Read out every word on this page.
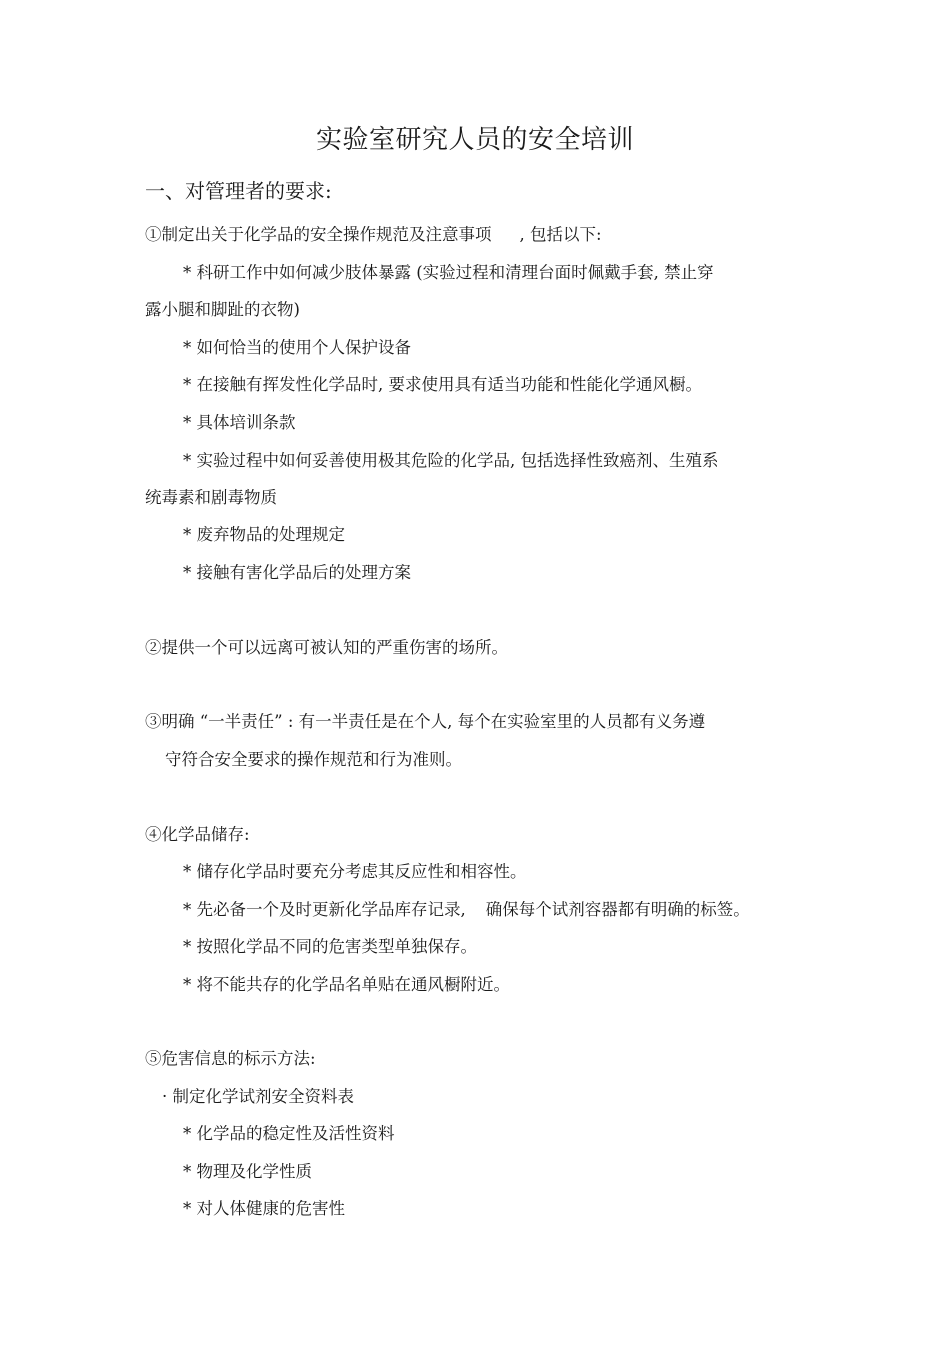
实验室研究人员的安全培训
一、对管理者的要求:
①制定出关于化学品的安全操作规范及注意事项 , 包括以下:
* 科研工作中如何减少肢体暴露 (实验过程和清理台面时佩戴手套, 禁止穿
露小腿和脚趾的衣物)
* 如何恰当的使用个人保护设备
* 在接触有挥发性化学品时, 要求使用具有适当功能和性能化学通风橱。
* 具体培训条款
* 实验过程中如何妥善使用极其危险的化学品, 包括选择性致癌剂、生殖系
统毒素和剧毒物质
* 废弃物品的处理规定
* 接触有害化学品后的处理方案
②提供一个可以远离可被认知的严重伤害的场所。
③明确 “一半责任” : 有一半责任是在个人, 每个在实验室里的人员都有义务遵
守符合安全要求的操作规范和行为准则。
④化学品储存:
* 储存化学品时要充分考虑其反应性和相容性。
* 先必备一个及时更新化学品库存记录, 确保每个试剂容器都有明确的标签。
* 按照化学品不同的危害类型单独保存。
* 将不能共存的化学品名单贴在通风橱附近。
⑤危害信息的标示方法:
· 制定化学试剂安全资料表
* 化学品的稳定性及活性资料
* 物理及化学性质
* 对人体健康的危害性
